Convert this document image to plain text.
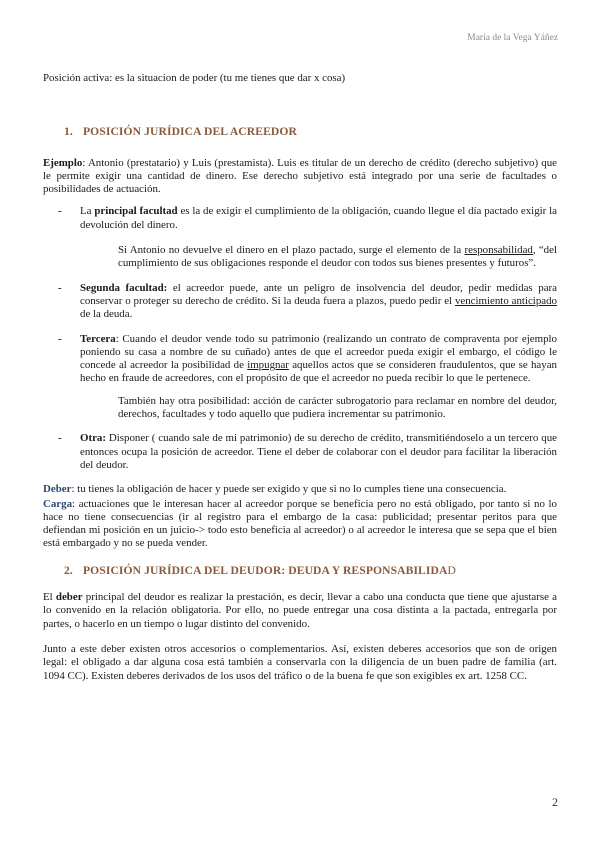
María de la Vega Yáñez

Posición activa: es la situacion de poder (tu me tienes que dar x cosa)

1. POSICIÓN JURÍDICA DEL ACREEDOR

Ejemplo: Antonio (prestatario) y Luis (prestamista). Luis es titular de un derecho de crédito (derecho subjetivo) que le permite exigir una cantidad de dinero. Ese derecho subjetivo está integrado por una serie de facultades o posibilidades de actuación.

- La principal facultad es la de exigir el cumplimiento de la obligación, cuando llegue el día pactado exigir la devolución del dinero.

Si Antonio no devuelve el dinero en el plazo pactado, surge el elemento de la responsabilidad, “del cumplimiento de sus obligaciones responde el deudor con todos sus bienes presentes y futuros”.

- Segunda facultad: el acreedor puede, ante un peligro de insolvencia del deudor, pedir medidas para conservar o proteger su derecho de crédito. Si la deuda fuera a plazos, puedo pedir el vencimiento anticipado de la deuda.

- Tercera: Cuando el deudor vende todo su patrimonio (realizando un contrato de compraventa por ejemplo poniendo su casa a nombre de su cuñado) antes de que el acreedor pueda exigir el embargo, el código le concede al acreedor la posibilidad de impugnar aquellos actos que se consideren fraudulentos, que se hayan hecho en fraude de acreedores, con el propósito de que el acreedor no pueda recibir lo que le pertenece.

También hay otra posibilidad: acción de carácter subrogatorio para reclamar en nombre del deudor, derechos, facultades y todo aquello que pudiera incrementar su patrimonio.

- Otra: Disponer ( cuando sale de mi patrimonio) de su derecho de crédito, transmitiéndoselo a un tercero que entonces ocupa la posición de acreedor. Tiene el deber de colaborar con el deudor para facilitar la liberación del deudor.

Deber: tu tienes la obligación de hacer y puede ser exigido y que si no lo cumples tiene una consecuencia.

Carga: actuaciones que le interesan hacer al acreedor porque se beneficia pero no está obligado, por tanto si no lo hace no tiene consecuencias (ir al registro para el embargo de la casa: publicidad; presentar peritos para que defiendan mi posición en un juicio-> todo esto beneficia al acreedor) o al acreedor le interesa que se sepa que el bien está embargado y no se pueda vender.

2. POSICIÓN JURÍDICA DEL DEUDOR: DEUDA Y RESPONSABILIDAD

El deber principal del deudor es realizar la prestación, es decir, llevar a cabo una conducta que tiene que ajustarse a lo convenido en la relación obligatoria. Por ello, no puede entregar una cosa distinta a la pactada, entregarla por partes, o hacerlo en un tiempo o lugar distinto del convenido.

Junto a este deber existen otros accesorios o complementarios. Así, existen deberes accesorios que son de origen legal: el obligado a dar alguna cosa está también a conservarla con la diligencia de un buen padre de familia (art. 1094 CC). Existen deberes derivados de los usos del tráfico o de la buena fe que son exigibles ex art. 1258 CC.

2
